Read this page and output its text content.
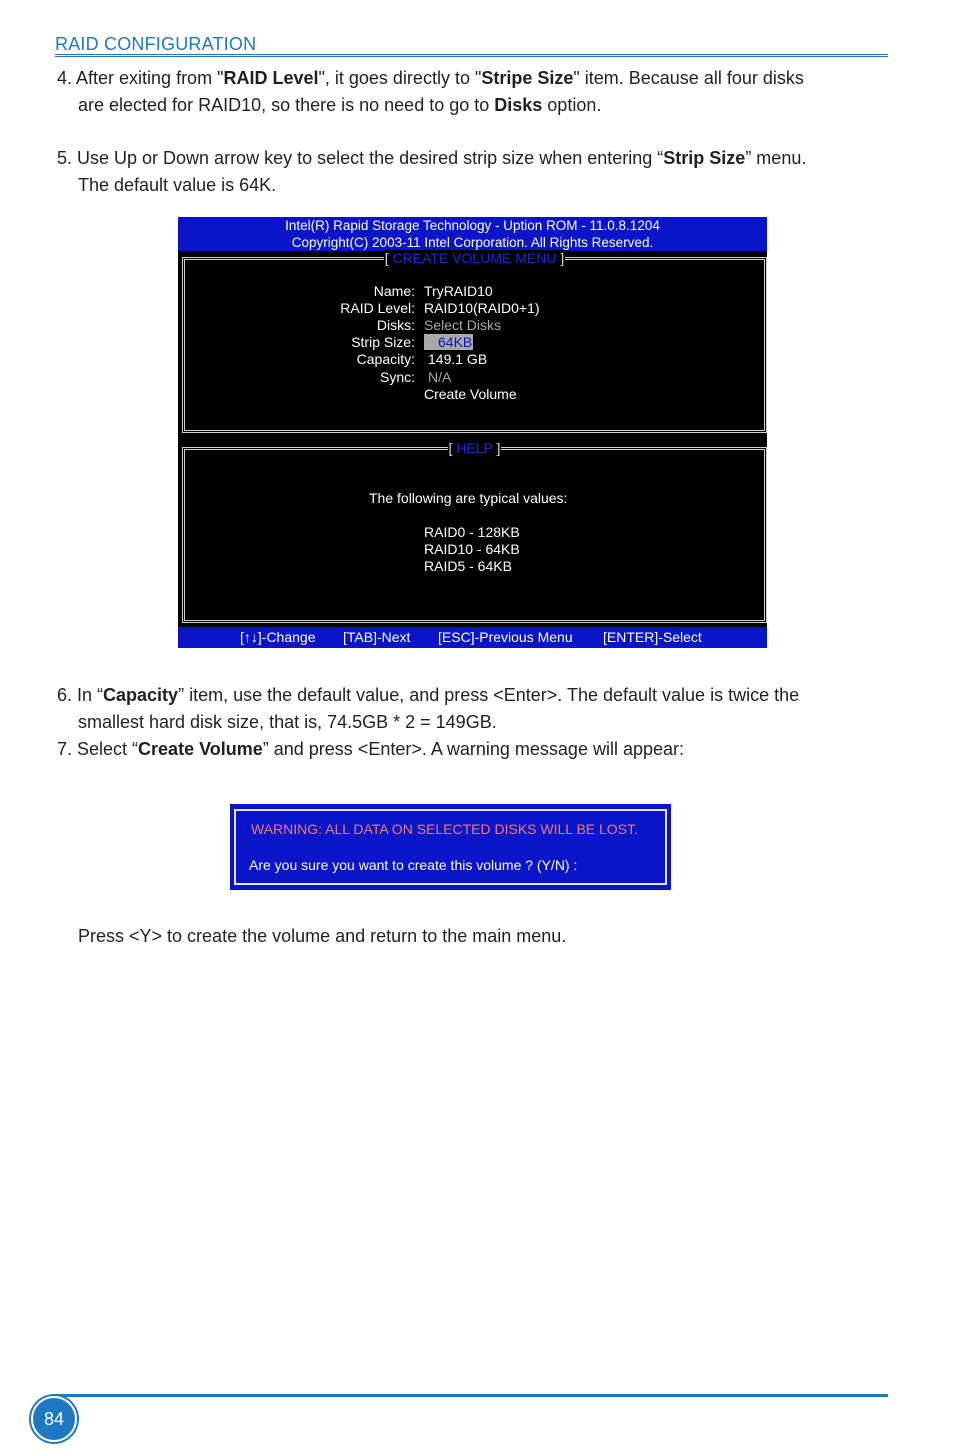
RAID CONFIGURATION
4. After exiting from "RAID Level", it goes directly to "Stripe Size" item. Because all four disks
are elected for RAID10, so there is no need to go to Disks option.
5. Use Up or Down arrow key to select the desired strip size when entering “Strip Size” menu.
The default value is 64K.
Intel(R) Rapid Storage Technology - Uption ROM - 11.0.8.1204
Copyright(C) 2003-11 Intel Corporation. All Rights Reserved.
[ CREATE VOLUME MENU ]
Name: TryRAID10
RAID Level: RAID10(RAID0+1)
Disks: Select Disks
Strip Size:	64KB
Capacity: 149.1 GB
Sync: N/A
Create Volume
[ HELP ]
The following are typical values:
RAID0 - 128KB
RAID10 - 64KB
RAID5 - 64KB
[↑↓]-Change [TAB]-Next [ESC]-Previous Menu [ENTER]-Select
6. In “Capacity” item, use the default value, and press <Enter>. The default value is twice the
smallest hard disk size, that is, 74.5GB * 2 = 149GB.
7. Select “Create Volume” and press <Enter>. A warning message will appear:
WARNING: ALL DATA ON SELECTED DISKS WILL BE LOST.
Are you sure you want to create this volume ? (Y/N) :
Press <Y> to create the volume and return to the main menu.
84
